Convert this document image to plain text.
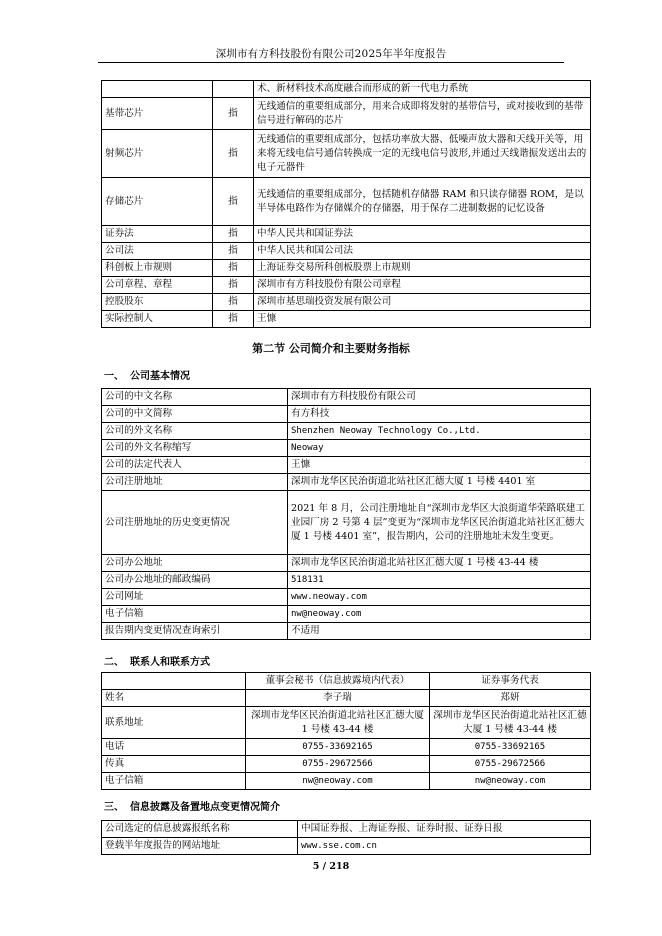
深圳市有方科技股份有限公司2025年半年度报告
		术、新材料技术高度融合而形成的新一代电力系统
基带芯片	指	无线通信的重要组成部分，用来合成即将发射的基带信号，或对接收到的基带信号进行解码的芯片
射频芯片	指	无线通信的重要组成部分，包括功率放大器、低噪声放大器和天线开关等，用来将无线电信号通信转换成一定的无线电信号波形,并通过天线谐振发送出去的电子元器件
存储芯片	指	无线通信的重要组成部分，包括随机存储器 RAM 和只读存储器 ROM，是以半导体电路作为存储媒介的存储器，用于保存二进制数据的记忆设备
证券法	指	中华人民共和国证券法
公司法	指	中华人民共和国公司法
科创板上市规则	指	上海证券交易所科创板股票上市规则
公司章程、章程	指	深圳市有方科技股份有限公司章程
控股股东	指	深圳市基思瑞投资发展有限公司
实际控制人	指	王慷
第二节 公司简介和主要财务指标
一、 公司基本情况
公司的中文名称	深圳市有方科技股份有限公司
公司的中文简称	有方科技
公司的外文名称	Shenzhen Neoway Technology Co.,Ltd.
公司的外文名称缩写	Neoway
公司的法定代表人	王慷
公司注册地址	深圳市龙华区民治街道北站社区汇德大厦 1 号楼 4401 室
公司注册地址的历史变更情况	2021 年 8 月，公司注册地址自“深圳市龙华区大浪街道华荣路联建工业园厂房 2 号第 4 层”变更为“深圳市龙华区民治街道北站社区汇德大厦 1 号楼 4401 室”，报告期内，公司的注册地址未发生变更。
公司办公地址	深圳市龙华区民治街道北站社区汇德大厦 1 号楼 43-44 楼
公司办公地址的邮政编码	518131
公司网址	www.neoway.com
电子信箱	nw@neoway.com
报告期内变更情况查询索引	不适用
二、 联系人和联系方式
	董事会秘书（信息披露境内代表）	证券事务代表
姓名	李子瑞	郑妍
联系地址	深圳市龙华区民治街道北站社区汇德大厦 1 号楼 43-44 楼	深圳市龙华区民治街道北站社区汇德大厦 1 号楼 43-44 楼
电话	0755-33692165	0755-33692165
传真	0755-29672566	0755-29672566
电子信箱	nw@neoway.com	nw@neoway.com
三、 信息披露及备置地点变更情况简介
公司选定的信息披露报纸名称	中国证券报、上海证券报、证券时报、证券日报
登载半年度报告的网站地址	www.sse.com.cn
5 / 218
